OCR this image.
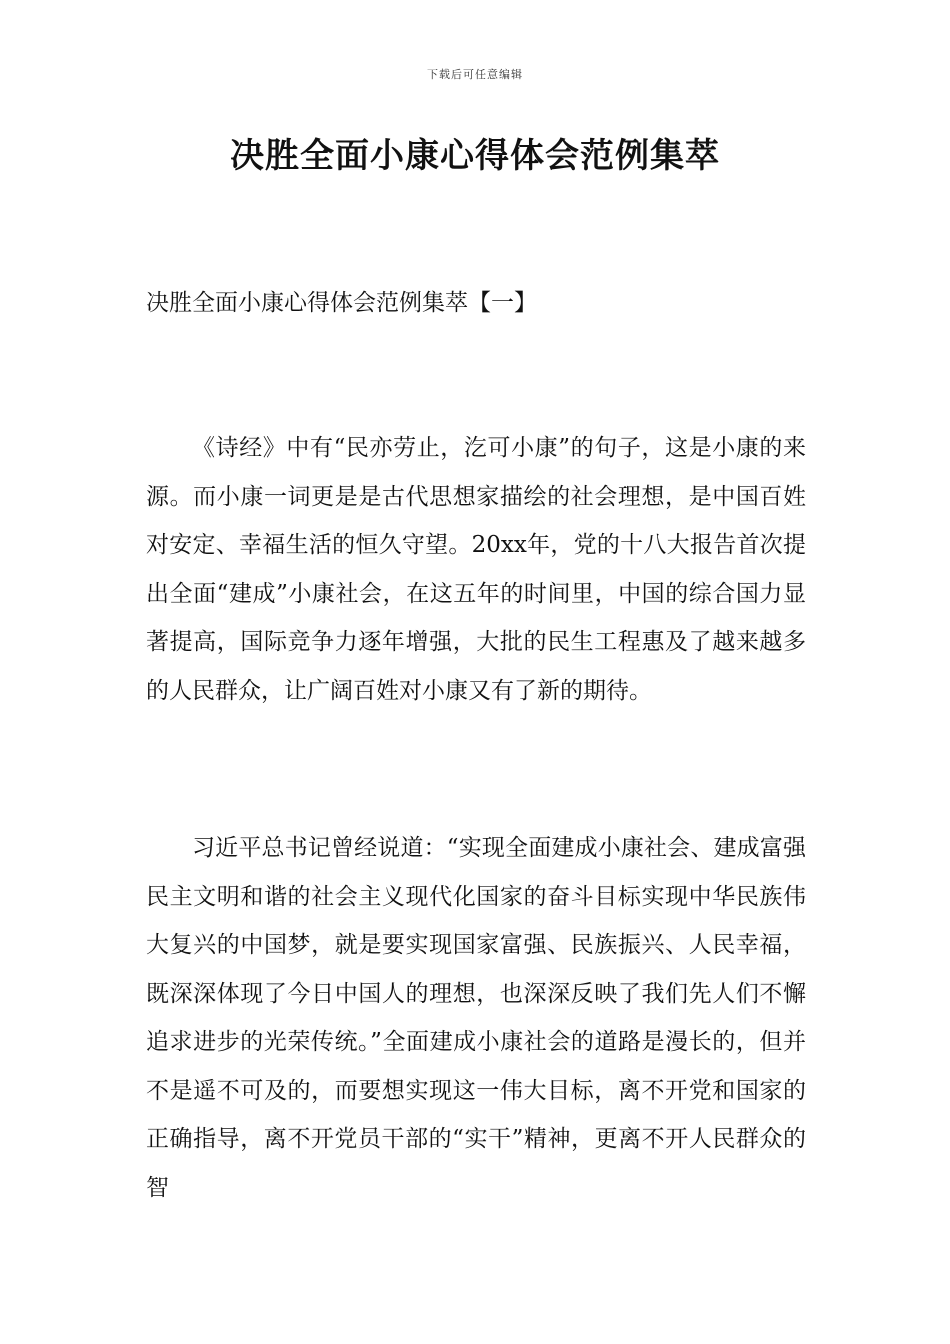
下载后可任意编辑
决胜全面小康心得体会范例集萃
决胜全面小康心得体会范例集萃【一】

《诗经》中有“民亦劳止，汔可小康”的句子，这是小康的来源。而小康一词更是是古代思想家描绘的社会理想，是中国百姓对安定、幸福生活的恒久守望。20xx年，党的十八大报告首次提出全面“建成”小康社会，在这五年的时间里，中国的综合国力显著提高，国际竞争力逐年增强，大批的民生工程惠及了越来越多的人民群众，让广阔百姓对小康又有了新的期待。

习近平总书记曾经说道：“实现全面建成小康社会、建成富强民主文明和谐的社会主义现代化国家的奋斗目标实现中华民族伟大复兴的中国梦，就是要实现国家富强、民族振兴、人民幸福，既深深体现了今日中国人的理想，也深深反映了我们先人们不懈追求进步的光荣传统。”全面建成小康社会的道路是漫长的，但并不是遥不可及的，而要想实现这一伟大目标，离不开党和国家的正确指导，离不开党员干部的“实干”精神，更离不开人民群众的智
